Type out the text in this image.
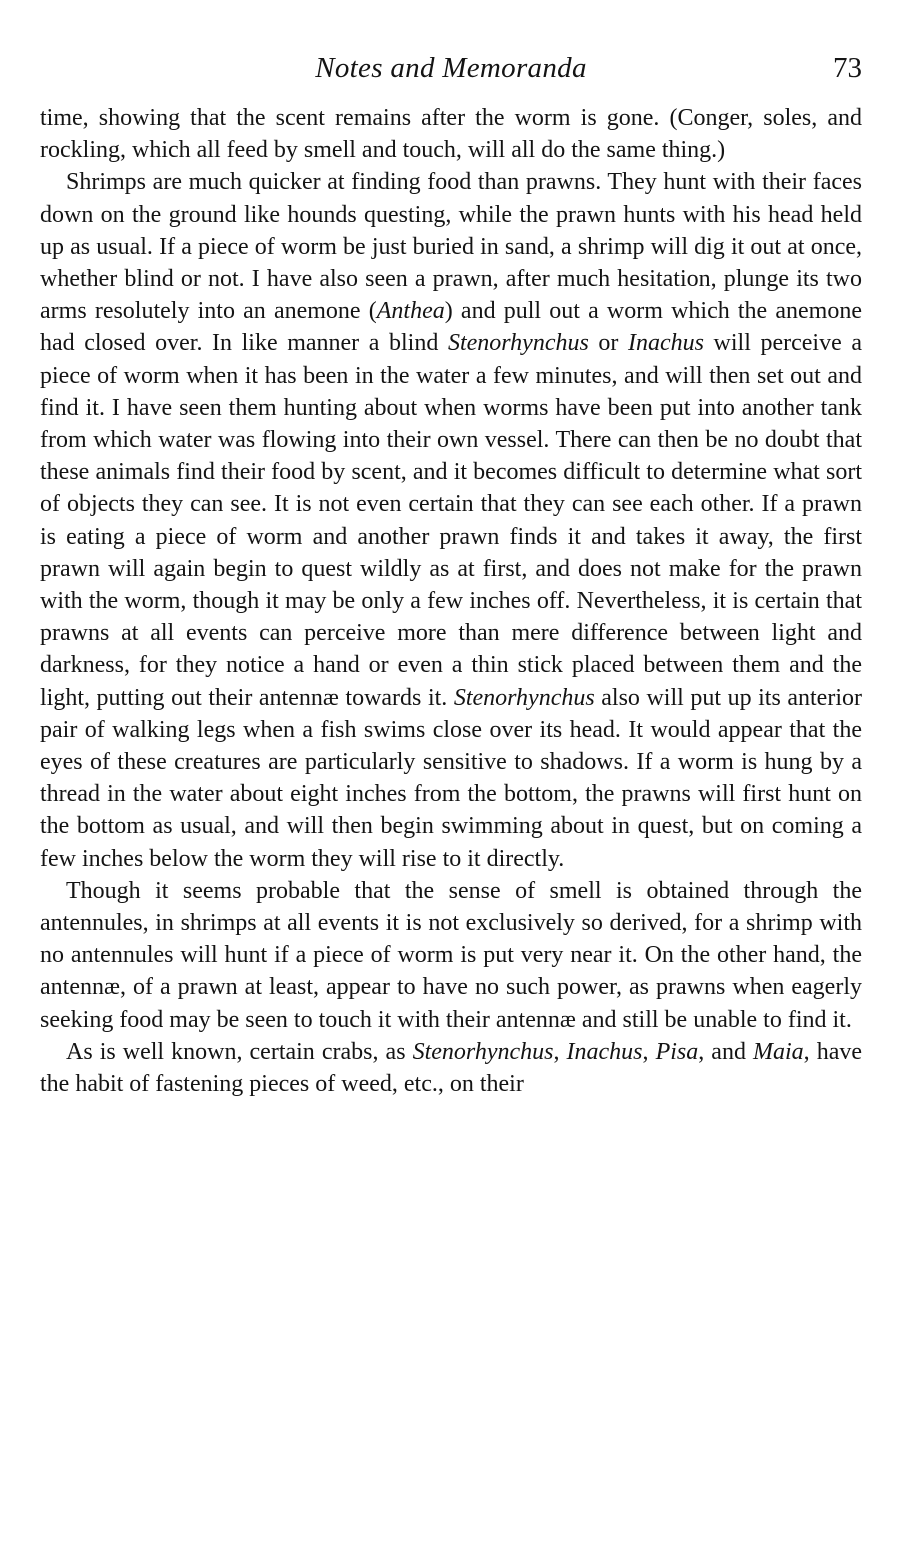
Notes and Memoranda	73

time, showing that the scent remains after the worm is gone. (Conger, soles, and rockling, which all feed by smell and touch, will all do the same thing.)

Shrimps are much quicker at finding food than prawns. They hunt with their faces down on the ground like hounds questing, while the prawn hunts with his head held up as usual. If a piece of worm be just buried in sand, a shrimp will dig it out at once, whether blind or not. I have also seen a prawn, after much hesitation, plunge its two arms resolutely into an anemone (Anthea) and pull out a worm which the anemone had closed over. In like manner a blind Stenorhynchus or Inachus will perceive a piece of worm when it has been in the water a few minutes, and will then set out and find it. I have seen them hunting about when worms have been put into another tank from which water was flowing into their own vessel. There can then be no doubt that these animals find their food by scent, and it becomes difficult to determine what sort of objects they can see. It is not even certain that they can see each other. If a prawn is eating a piece of worm and another prawn finds it and takes it away, the first prawn will again begin to quest wildly as at first, and does not make for the prawn with the worm, though it may be only a few inches off. Nevertheless, it is certain that prawns at all events can perceive more than mere difference between light and darkness, for they notice a hand or even a thin stick placed between them and the light, putting out their antennæ towards it. Stenorhynchus also will put up its anterior pair of walking legs when a fish swims close over its head. It would appear that the eyes of these creatures are particularly sensitive to shadows. If a worm is hung by a thread in the water about eight inches from the bottom, the prawns will first hunt on the bottom as usual, and will then begin swimming about in quest, but on coming a few inches below the worm they will rise to it directly.

Though it seems probable that the sense of smell is obtained through the antennules, in shrimps at all events it is not exclusively so derived, for a shrimp with no antennules will hunt if a piece of worm is put very near it. On the other hand, the antennæ, of a prawn at least, appear to have no such power, as prawns when eagerly seeking food may be seen to touch it with their antennæ and still be unable to find it.

As is well known, certain crabs, as Stenorhynchus, Inachus, Pisa, and Maia, have the habit of fastening pieces of weed, etc., on their
